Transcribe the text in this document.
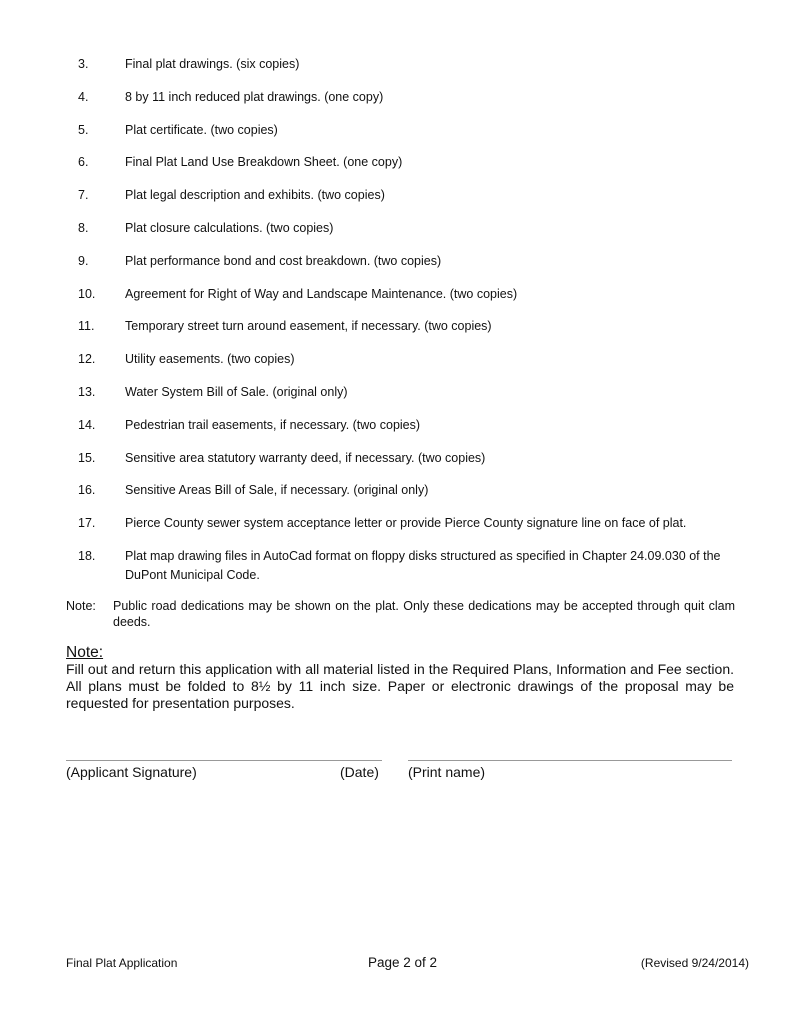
3.	Final plat drawings. (six copies)
4.	8 by 11 inch reduced plat drawings. (one copy)
5.	Plat certificate. (two copies)
6.	Final Plat Land Use Breakdown Sheet. (one copy)
7.	Plat legal description and exhibits. (two copies)
8.	Plat closure calculations. (two copies)
9.	Plat performance bond and cost breakdown. (two copies)
10. Agreement for Right of Way and Landscape Maintenance. (two copies)
11. Temporary street turn around easement, if necessary. (two copies)
12. Utility easements. (two copies)
13. Water System Bill of Sale. (original only)
14. Pedestrian trail easements, if necessary. (two copies)
15. Sensitive area statutory warranty deed, if necessary. (two copies)
16. Sensitive Areas Bill of Sale, if necessary. (original only)
17. Pierce County sewer system acceptance letter or provide Pierce County signature line on face of plat.
18. Plat map drawing files in AutoCad format on floppy disks structured as specified in Chapter 24.09.030 of the DuPont Municipal Code.
Note: Public road dedications may be shown on the plat. Only these dedications may be accepted through quit clam deeds.
Note:
Fill out and return this application with all material listed in the Required Plans, Information and Fee section. All plans must be folded to 8½ by 11 inch size. Paper or electronic drawings of the proposal may be requested for presentation purposes.
(Applicant Signature)	(Date) (Print name)
Final Plat Application	Page 2 of 2	(Revised 9/24/2014)
